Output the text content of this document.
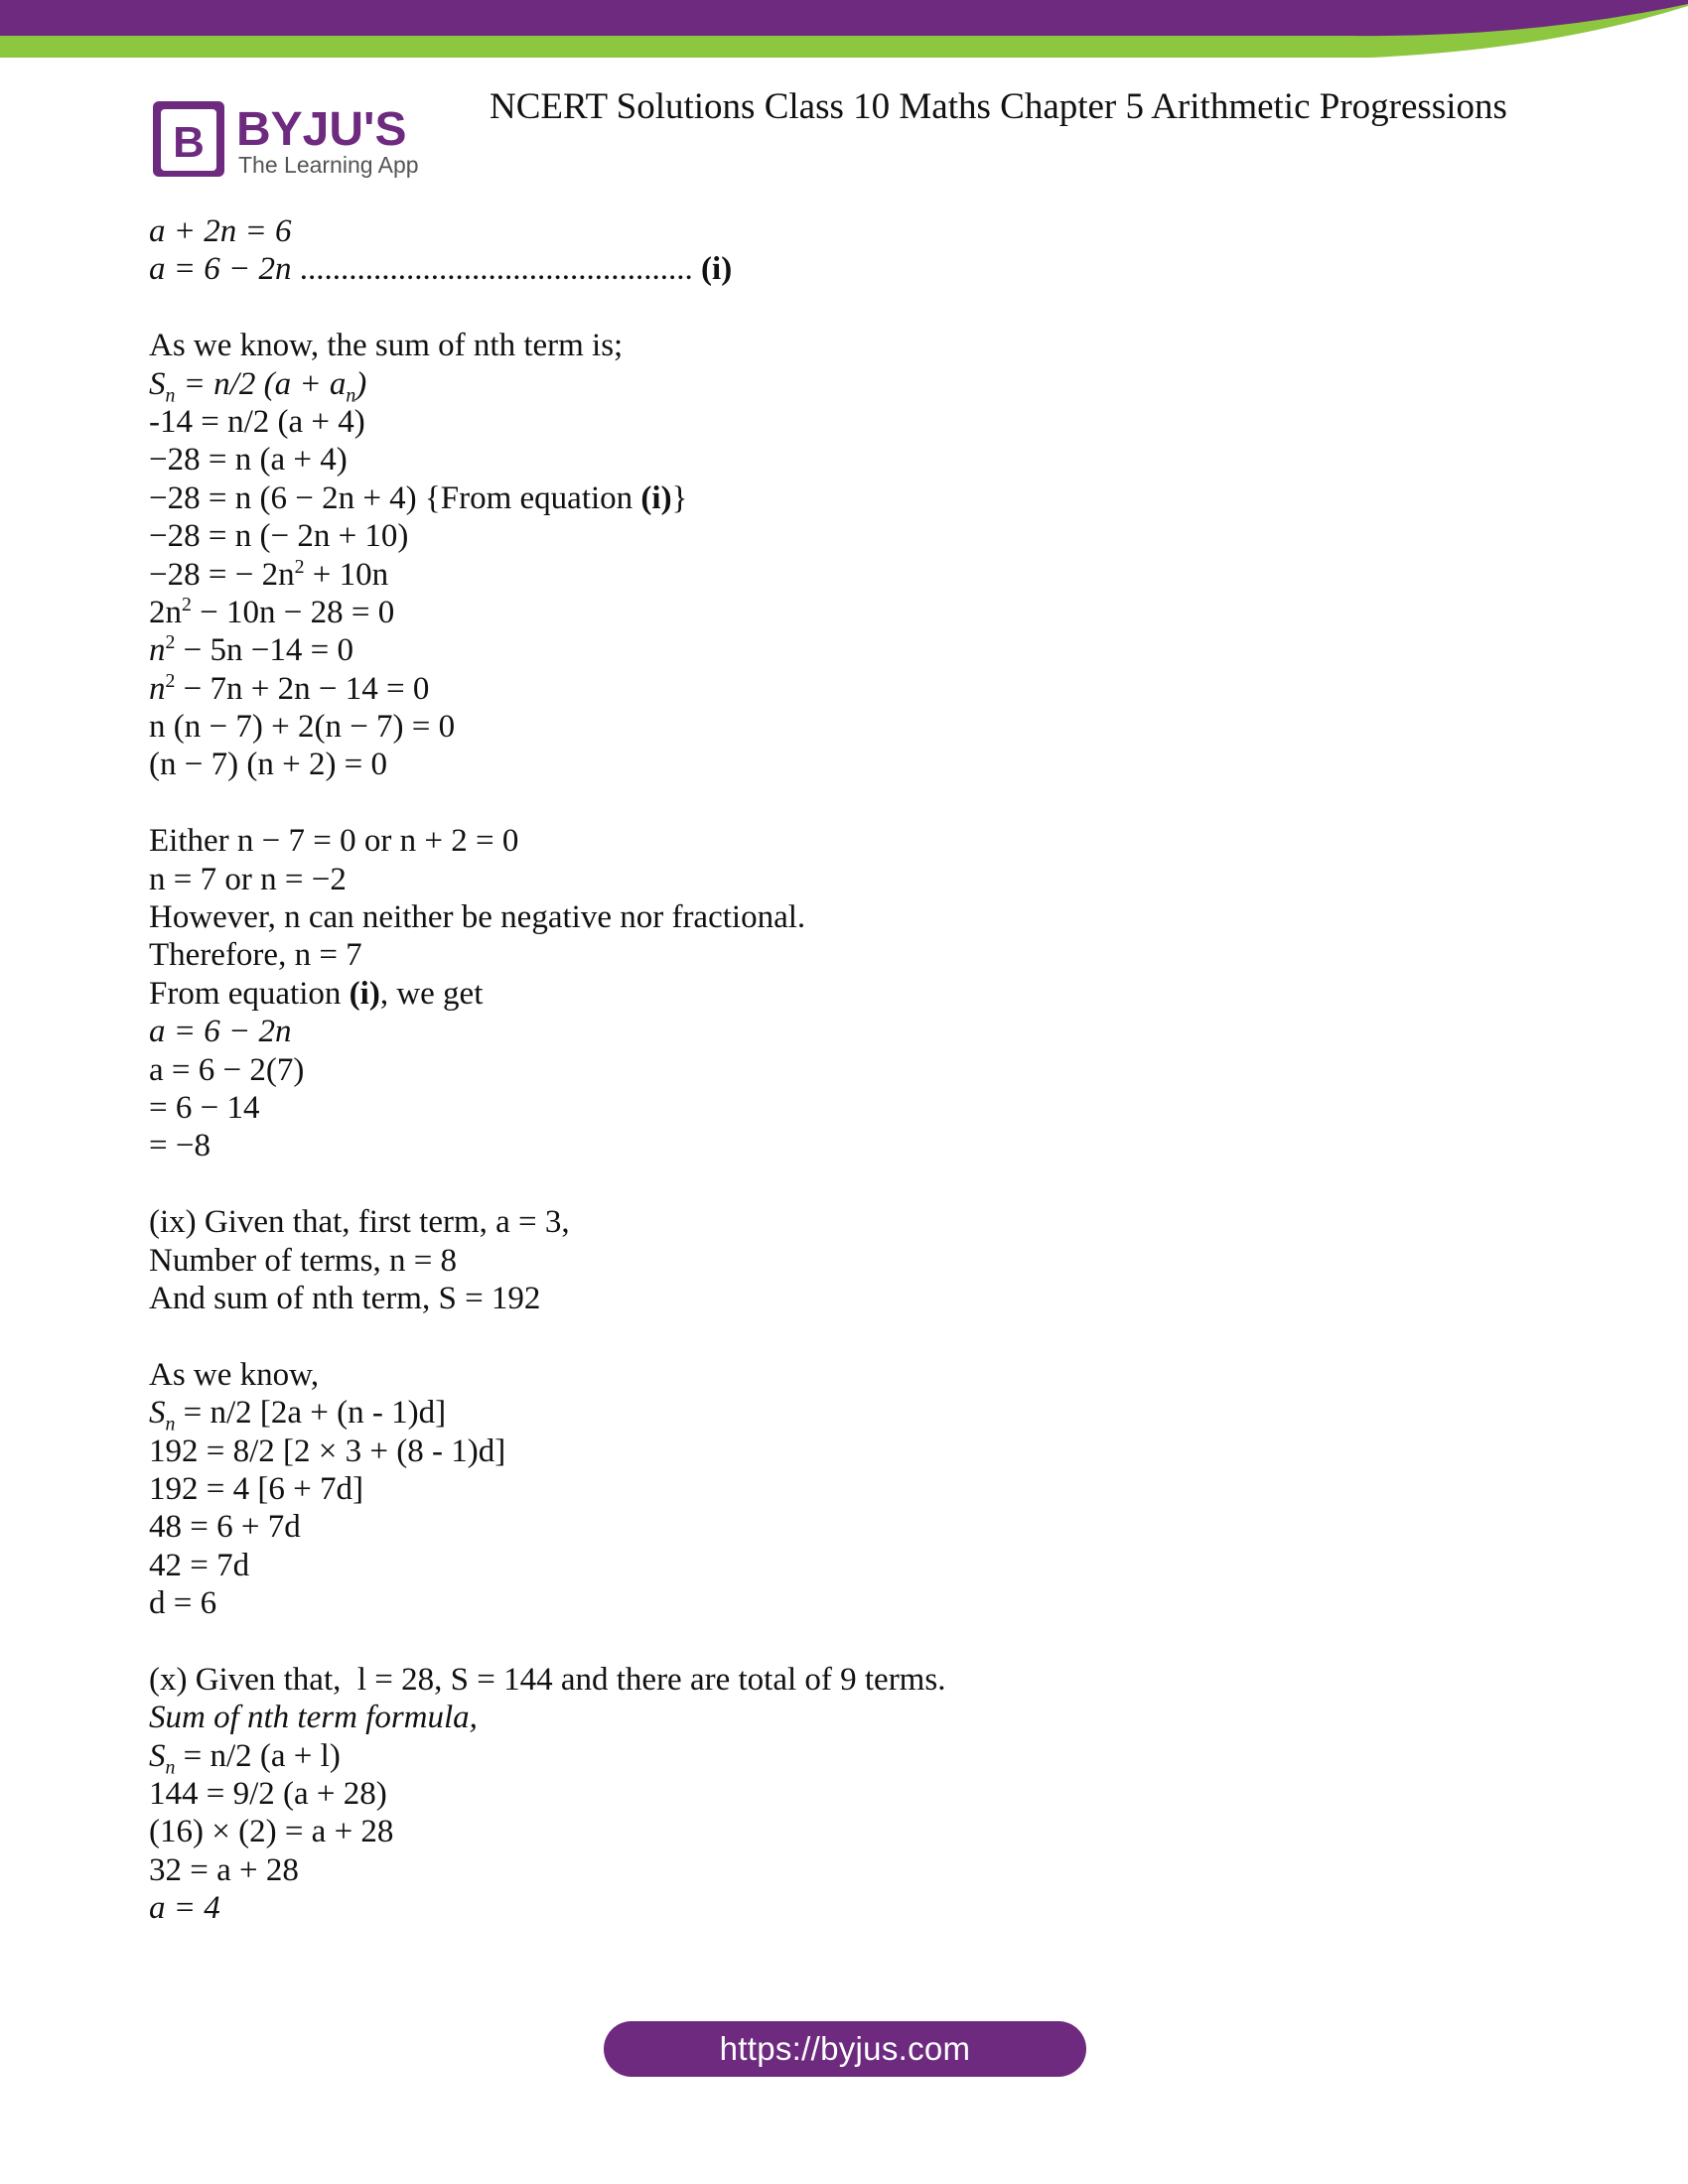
B BYJU'S
The Learning App
NCERT Solutions Class 10 Maths Chapter 5 Arithmetic Progressions
a + 2n = 6
a = 6 − 2n ................................................ (i)
As we know, the sum of nth term is;
$S_n = n/2$ $(a + a_n)$
-14 = n/2 (a + 4)
−28 = n (a + 4)
−28 = n (6 − 2n + 4) {From equation (i)}
−28 = n (− 2n + 10)
−28 = − $2n^2 + 10n$
$2n^2 - 10n - 28 = 0$
$n^2 - 5n -14 = 0$
$n^2 - 7n + 2n - 14 = 0$
n (n − 7) + 2(n − 7) = 0
(n − 7) (n + 2) = 0
Either n − 7 = 0 or n + 2 = 0
n = 7 or n = −2
However, n can neither be negative nor fractional.
Therefore, n = 7
From equation (i), we get
a = 6 − 2n
a = 6 − 2(7)
= 6 − 14
= −8
(ix) Given that, first term, a = 3,
Number of terms, n = 8
And sum of nth term, S = 192
As we know,
$S_n = n/2$ [2a + (n - 1)d]
192 = 8/2 [2 × 3 + (8 - 1)d]
192 = 4 [6 + 7d]
48 = 6 + 7d
42 = 7d
d = 6
(x) Given that,  l = 28, S = 144 and there are total of 9 terms.
Sum of nth term formula,
$S_n = n/2$ (a + l)
144 = 9/2 (a + 28)
(16) × (2) = a + 28
32 = a + 28
a = 4
https://byjus.com
